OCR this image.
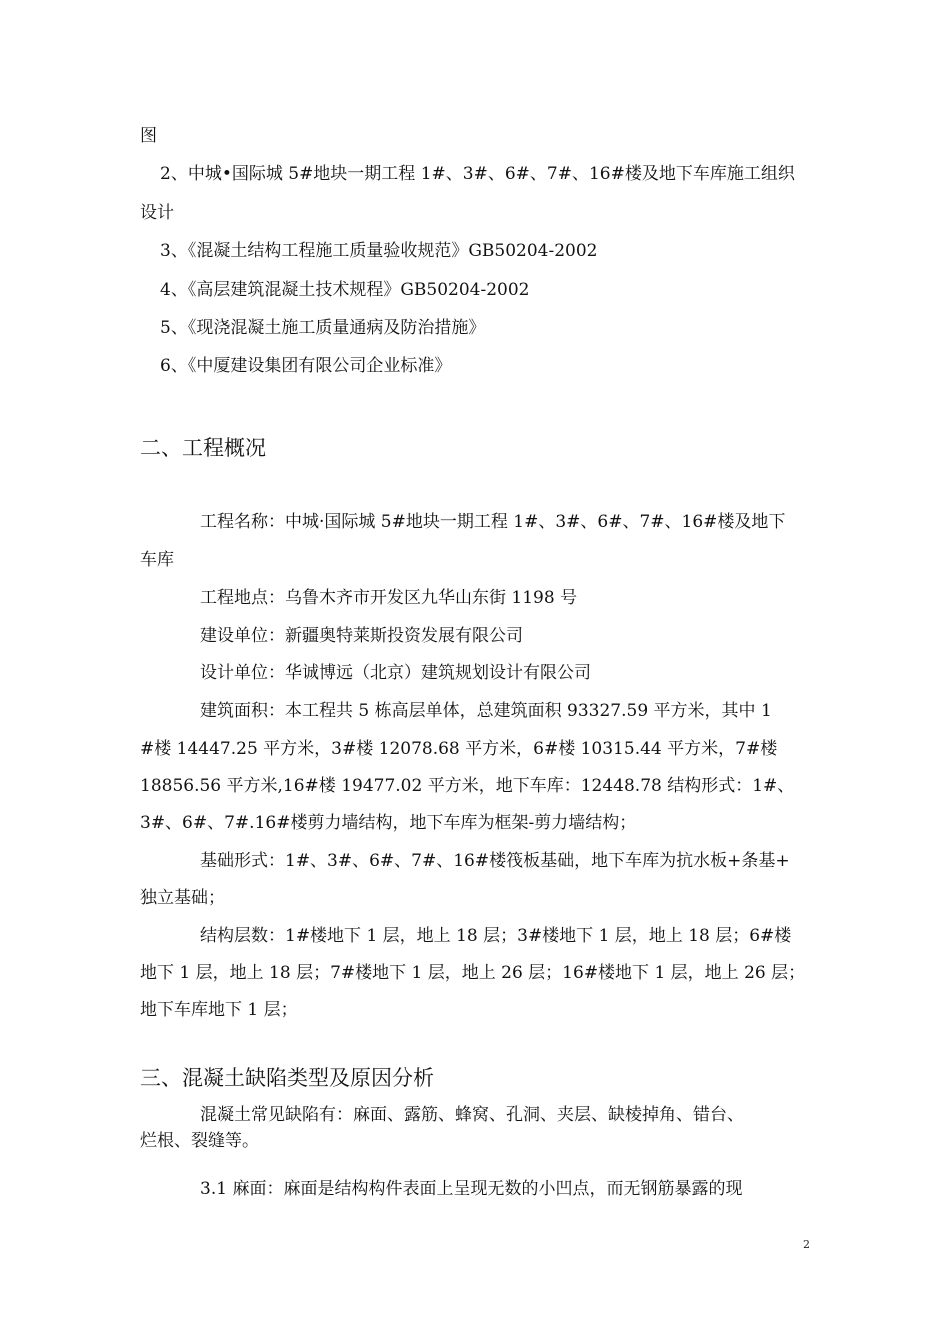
图
2、中城•国际城 5#地块一期工程 1#、3#、6#、7#、16#楼及地下车库施工组织
设计
3、《混凝土结构工程施工质量验收规范》GB50204-2002
4、《高层建筑混凝土技术规程》GB50204-2002
5、《现浇混凝土施工质量通病及防治措施》
6、《中厦建设集团有限公司企业标准》
二、工程概况
工程名称：中城·国际城 5#地块一期工程 1#、3#、6#、7#、16#楼及地下
车库
工程地点：乌鲁木齐市开发区九华山东街 1198 号
建设单位：新疆奥特莱斯投资发展有限公司
设计单位：华诚博远（北京）建筑规划设计有限公司
建筑面积：本工程共 5 栋高层单体，总建筑面积 93327.59 平方米，其中 1
#楼 14447.25 平方米，3#楼 12078.68 平方米，6#楼 10315.44 平方米，7#楼
18856.56 平方米,16#楼 19477.02 平方米，地下车库：12448.78 结构形式：1#、
3#、6#、7#.16#楼剪力墙结构，地下车库为框架-剪力墙结构；
基础形式：1#、3#、6#、7#、16#楼筏板基础，地下车库为抗水板+条基+
独立基础；
结构层数：1#楼地下 1 层，地上 18 层；3#楼地下 1 层，地上 18 层；6#楼
地下 1 层，地上 18 层；7#楼地下 1 层，地上 26 层；16#楼地下 1 层，地上 26 层；
地下车库地下 1 层；
三、混凝土缺陷类型及原因分析
混凝土常见缺陷有：麻面、露筋、蜂窝、孔洞、夹层、缺棱掉角、错台、
烂根、裂缝等。
3.1 麻面：麻面是结构构件表面上呈现无数的小凹点，而无钢筋暴露的现
2
